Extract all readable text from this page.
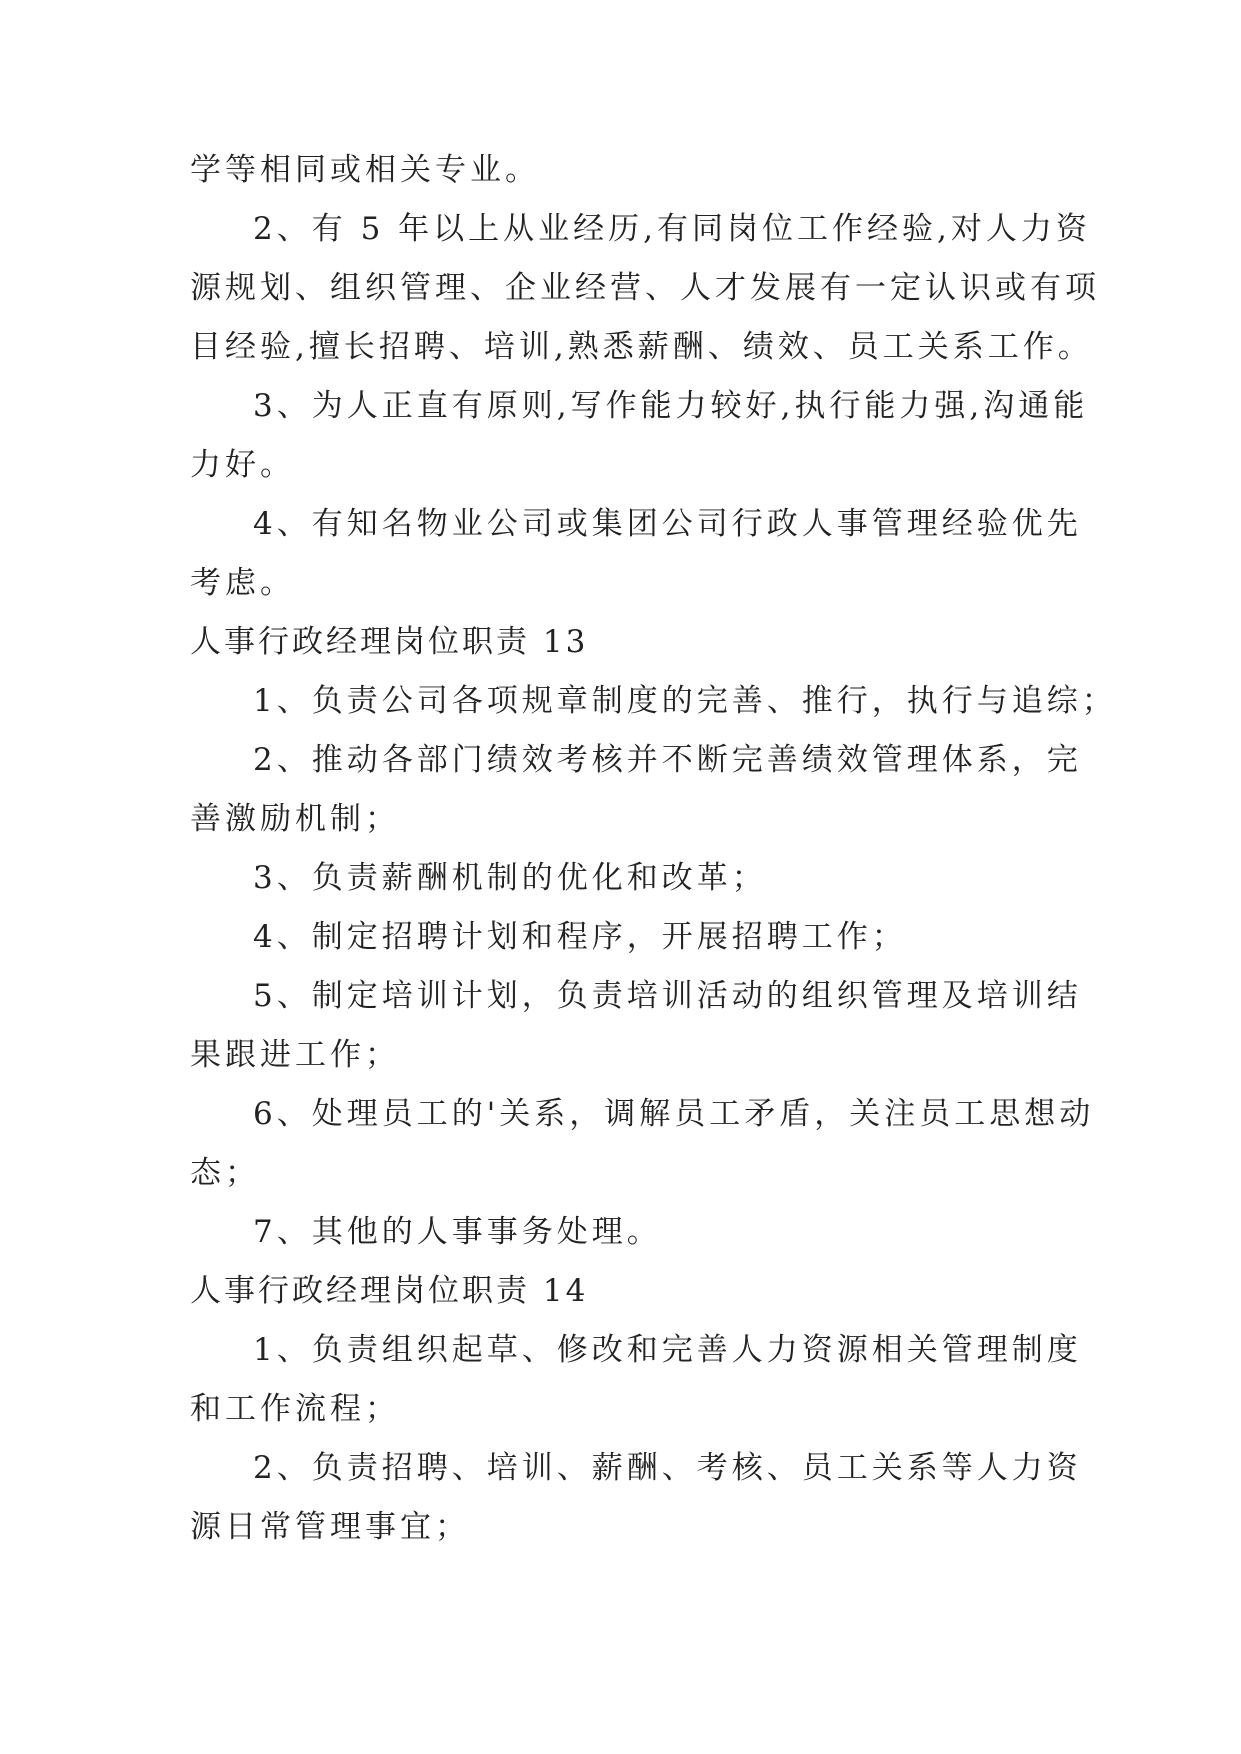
学等相同或相关专业。
2、有 5 年以上从业经历,有同岗位工作经验,对人力资
源规划、组织管理、企业经营、人才发展有一定认识或有项
目经验,擅长招聘、培训,熟悉薪酬、绩效、员工关系工作。
3、为人正直有原则,写作能力较好,执行能力强,沟通能
力好。
4、有知名物业公司或集团公司行政人事管理经验优先
考虑。
人事行政经理岗位职责 13
1、负责公司各项规章制度的完善、推行，执行与追综；
2、推动各部门绩效考核并不断完善绩效管理体系，完
善激励机制；
3、负责薪酬机制的优化和改革；
4、制定招聘计划和程序，开展招聘工作；
5、制定培训计划，负责培训活动的组织管理及培训结
果跟进工作；
6、处理员工的'关系，调解员工矛盾，关注员工思想动
态；
7、其他的人事事务处理。
人事行政经理岗位职责 14
1、负责组织起草、修改和完善人力资源相关管理制度
和工作流程；
2、负责招聘、培训、薪酬、考核、员工关系等人力资
源日常管理事宜；
